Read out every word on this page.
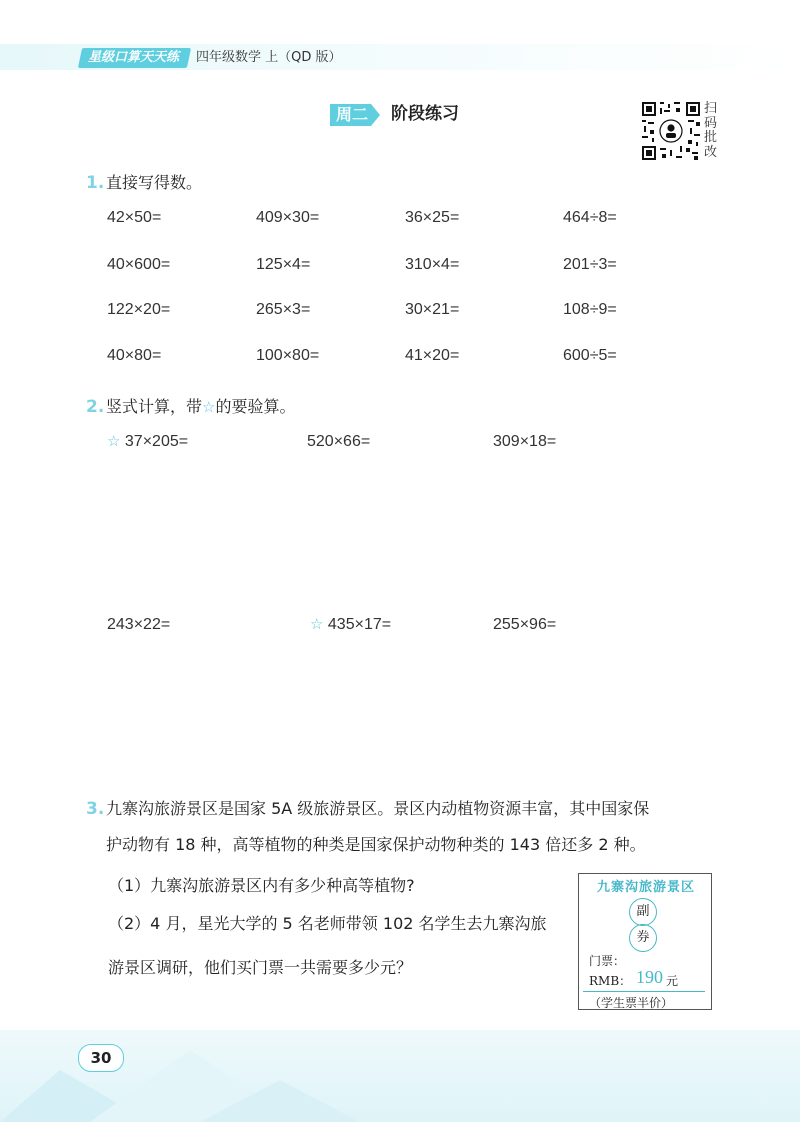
星级口算天天练	四年级数学 上（QD 版）
周二 阶段练习	扫
码
批
改
1. 直接写得数。
42×50=	409×30=	36×25=	464÷8=
40×600=	125×4=	310×4=	201÷3=
122×20=	265×3=	30×21=	108÷9=
40×80=	100×80=	41×20=	600÷5=
2. 竖式计算，带☆的要验算。
☆ 37×205=	520×66=	309×18=
243×22=	☆ 435×17=	255×96=
3. 九寨沟旅游景区是国家 5A 级旅游景区。景区内动植物资源丰富，其中国家保
护动物有 18 种，高等植物的种类是国家保护动物种类的 143 倍还多 2 种。
（1）九寨沟旅游景区内有多少种高等植物?
（2）4 月，星光大学的 5 名老师带领 102 名学生去九寨沟旅
游景区调研，他们买门票一共需要多少元？
九寨沟旅游景区
副
券
门票：
RMB： 190 元
（学生票半价）
30
